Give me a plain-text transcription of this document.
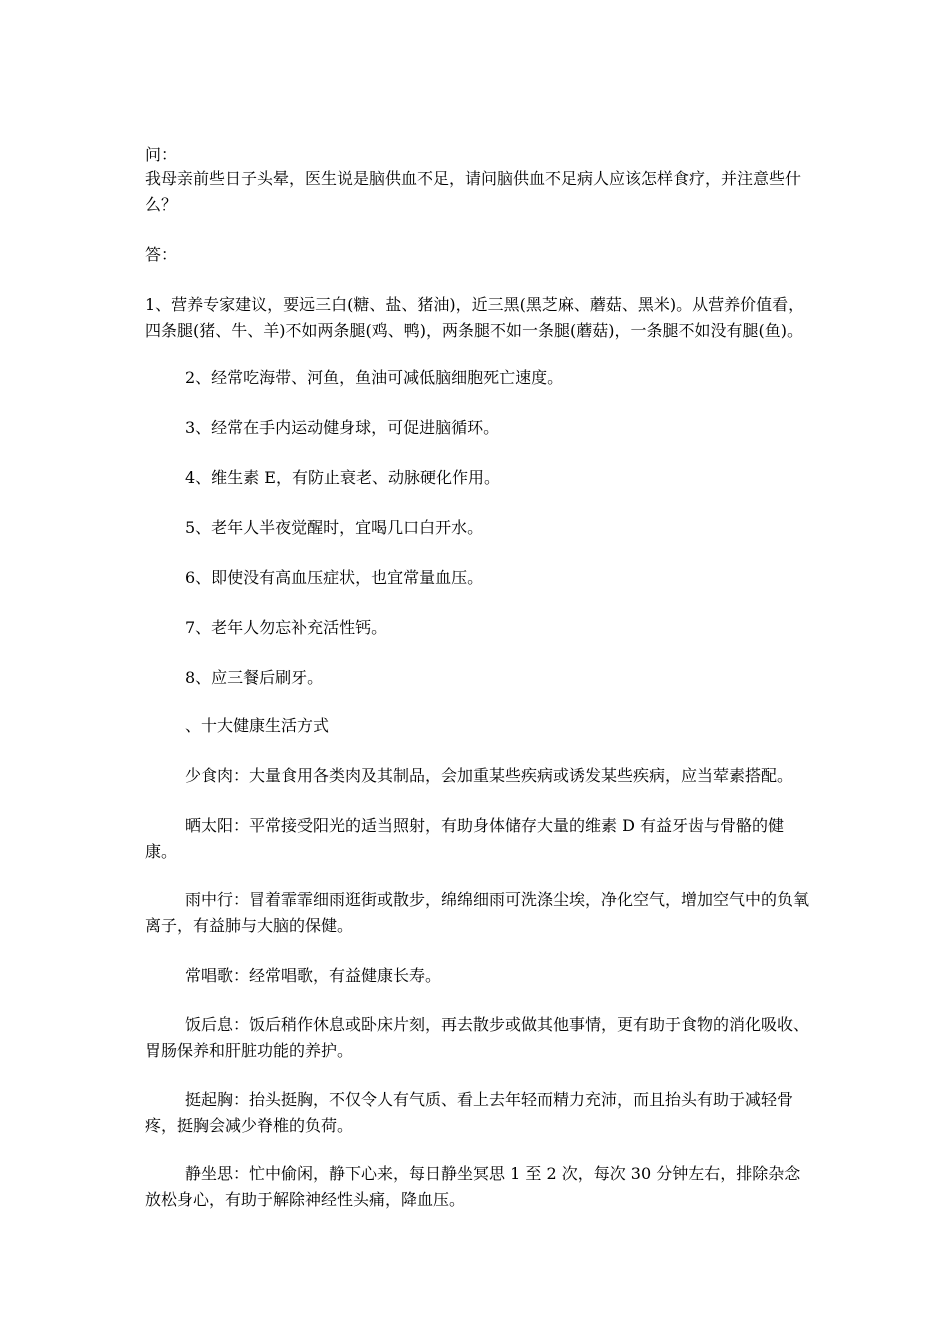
问：
我母亲前些日子头晕，医生说是脑供血不足，请问脑供血不足病人应该怎样食疗，并注意些什么？
答：
1、营养专家建议，要远三白(糖、盐、猪油)，近三黑(黑芝麻、蘑菇、黑米)。从营养价值看，四条腿(猪、牛、羊)不如两条腿(鸡、鸭)，两条腿不如一条腿(蘑菇)，一条腿不如没有腿(鱼)。
2、经常吃海带、河鱼，鱼油可减低脑细胞死亡速度。
3、经常在手内运动健身球，可促进脑循环。
4、维生素 E，有防止衰老、动脉硬化作用。
5、老年人半夜觉醒时，宜喝几口白开水。
6、即使没有高血压症状，也宜常量血压。
7、老年人勿忘补充活性钙。
8、应三餐后刷牙。
、十大健康生活方式
少食肉：大量食用各类肉及其制品，会加重某些疾病或诱发某些疾病，应当荤素搭配。
晒太阳：平常接受阳光的适当照射，有助身体储存大量的维素 D 有益牙齿与骨骼的健康。
雨中行：冒着霏霏细雨逛街或散步，绵绵细雨可洗涤尘埃，净化空气，增加空气中的负氧离子，有益肺与大脑的保健。
常唱歌：经常唱歌，有益健康长寿。
饭后息：饭后稍作休息或卧床片刻，再去散步或做其他事情，更有助于食物的消化吸收、胃肠保养和肝脏功能的养护。
挺起胸：抬头挺胸，不仅令人有气质、看上去年轻而精力充沛，而且抬头有助于减轻骨疼，挺胸会减少脊椎的负荷。
静坐思：忙中偷闲，静下心来，每日静坐冥思 1 至 2 次，每次 30 分钟左右，排除杂念放松身心，有助于解除神经性头痛，降血压。
